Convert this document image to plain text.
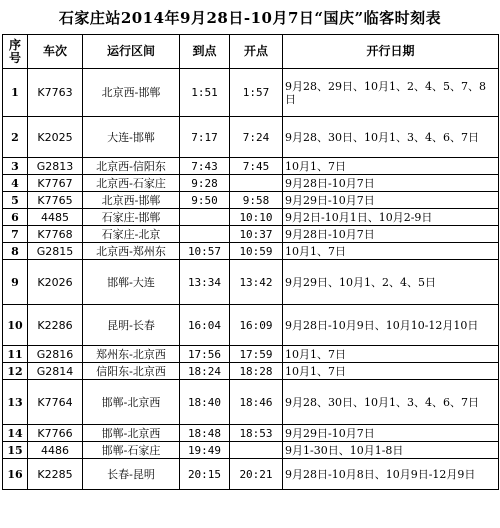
石家庄站2014年9月28日-10月7日“国庆”临客时刻表
序号	车次	运行区间	到点	开点	开行日期
1	K7763	北京西-邯郸	1:51	1:57	9月28、29日、10月1、2、4、5、7、8日
2	K2025	大连-邯郸	7:17	7:24	9月28、30日、10月1、3、4、6、7日
3	G2813	北京西-信阳东	7:43	7:45	10月1、7日
4	K7767	北京西-石家庄	9:28		9月28日-10月7日
5	K7765	北京西-邯郸	9:50	9:58	9月29日-10月7日
6	4485	石家庄-邯郸		10:10	9月2日-10月1日、10月2-9日
7	K7768	石家庄-北京		10:37	9月28日-10月7日
8	G2815	北京西-郑州东	10:57	10:59	10月1、7日
9	K2026	邯郸-大连	13:34	13:42	9月29日、10月1、2、4、5日
10	K2286	昆明-长春	16:04	16:09	9月28日-10月9日、10月10-12月10日
11	G2816	郑州东-北京西	17:56	17:59	10月1、7日
12	G2814	信阳东-北京西	18:24	18:28	10月1、7日
13	K7764	邯郸-北京西	18:40	18:46	9月28、30日、10月1、3、4、6、7日
14	K7766	邯郸-北京西	18:48	18:53	9月29日-10月7日
15	4486	邯郸-石家庄	19:49		9月1-30日、10月1-8日
16	K2285	长春-昆明	20:15	20:21	9月28日-10月8日、10月9日-12月9日
